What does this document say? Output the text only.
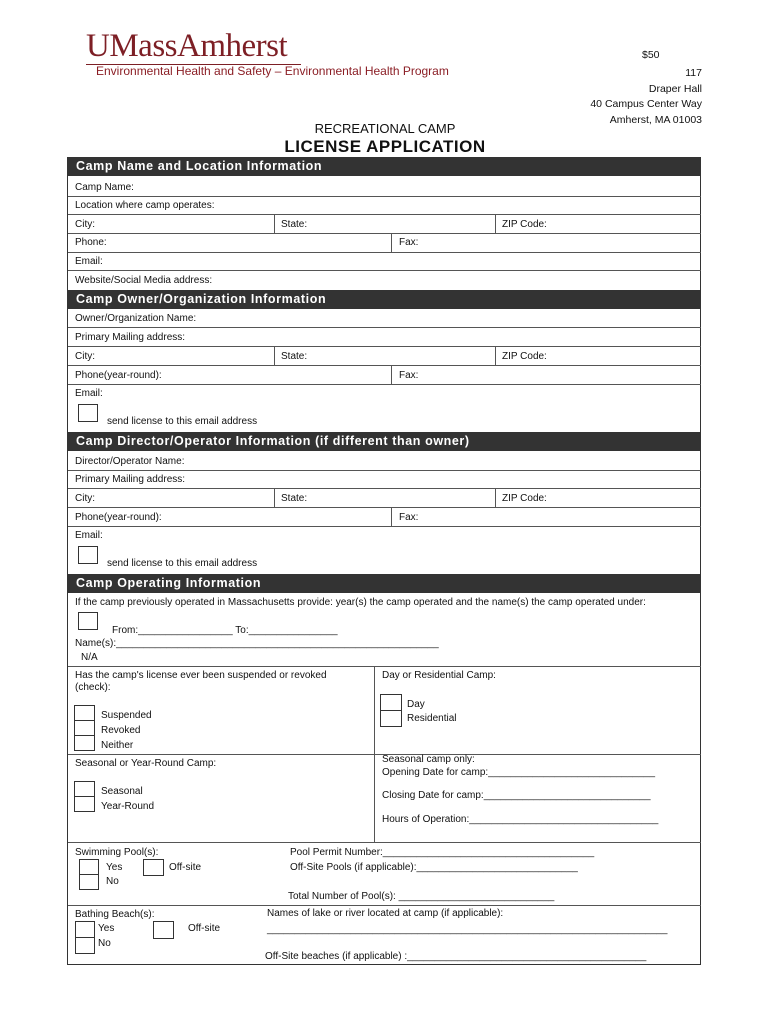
UMassAmherst
Environmental Health and Safety – Environmental Health Program
$50
117
Draper Hall
40 Campus Center Way
Amherst, MA 01003
RECREATIONAL CAMP
LICENSE APPLICATION
Camp Name and Location Information
Camp Name:
Location where camp operates:
City:	State:	ZIP Code:
Phone:	Fax:
Email:
Website/Social Media address:
Camp Owner/Organization Information
Owner/Organization Name:
Primary Mailing address:
City:	State:	ZIP Code:
Phone(year-round):	Fax:
Email:
send license to this email address
Camp Director/Operator Information (if different than owner)
Director/Operator Name:
Primary Mailing address:
City:	State:	ZIP Code:
Phone(year-round):	Fax:
Email:
send license to this email address
Camp Operating Information
If the camp previously operated in Massachusetts provide: year(s) the camp operated and the name(s) the camp operated under:
From:_________________ To:________________
Name(s):__________________________________________________________
N/A
Has the camp's license ever been suspended or revoked (check):
Suspended
Revoked
Neither
Day or Residential Camp:
Day
Residential
Seasonal or Year-Round Camp:
Seasonal
Year-Round
Seasonal camp only:
Opening Date for camp:______________________________
Closing Date for camp:______________________________
Hours of Operation:__________________________________
Swimming Pool(s):
Yes
No
Off-site
Pool Permit Number:______________________________________
Off-Site Pools (if applicable):_____________________________
Total Number of Pool(s): ____________________________
Bathing Beach(s):
Yes
No
Off-site
Names of lake or river located at camp (if applicable):
________________________________________________________________________
Off-Site beaches (if applicable) :___________________________________________
